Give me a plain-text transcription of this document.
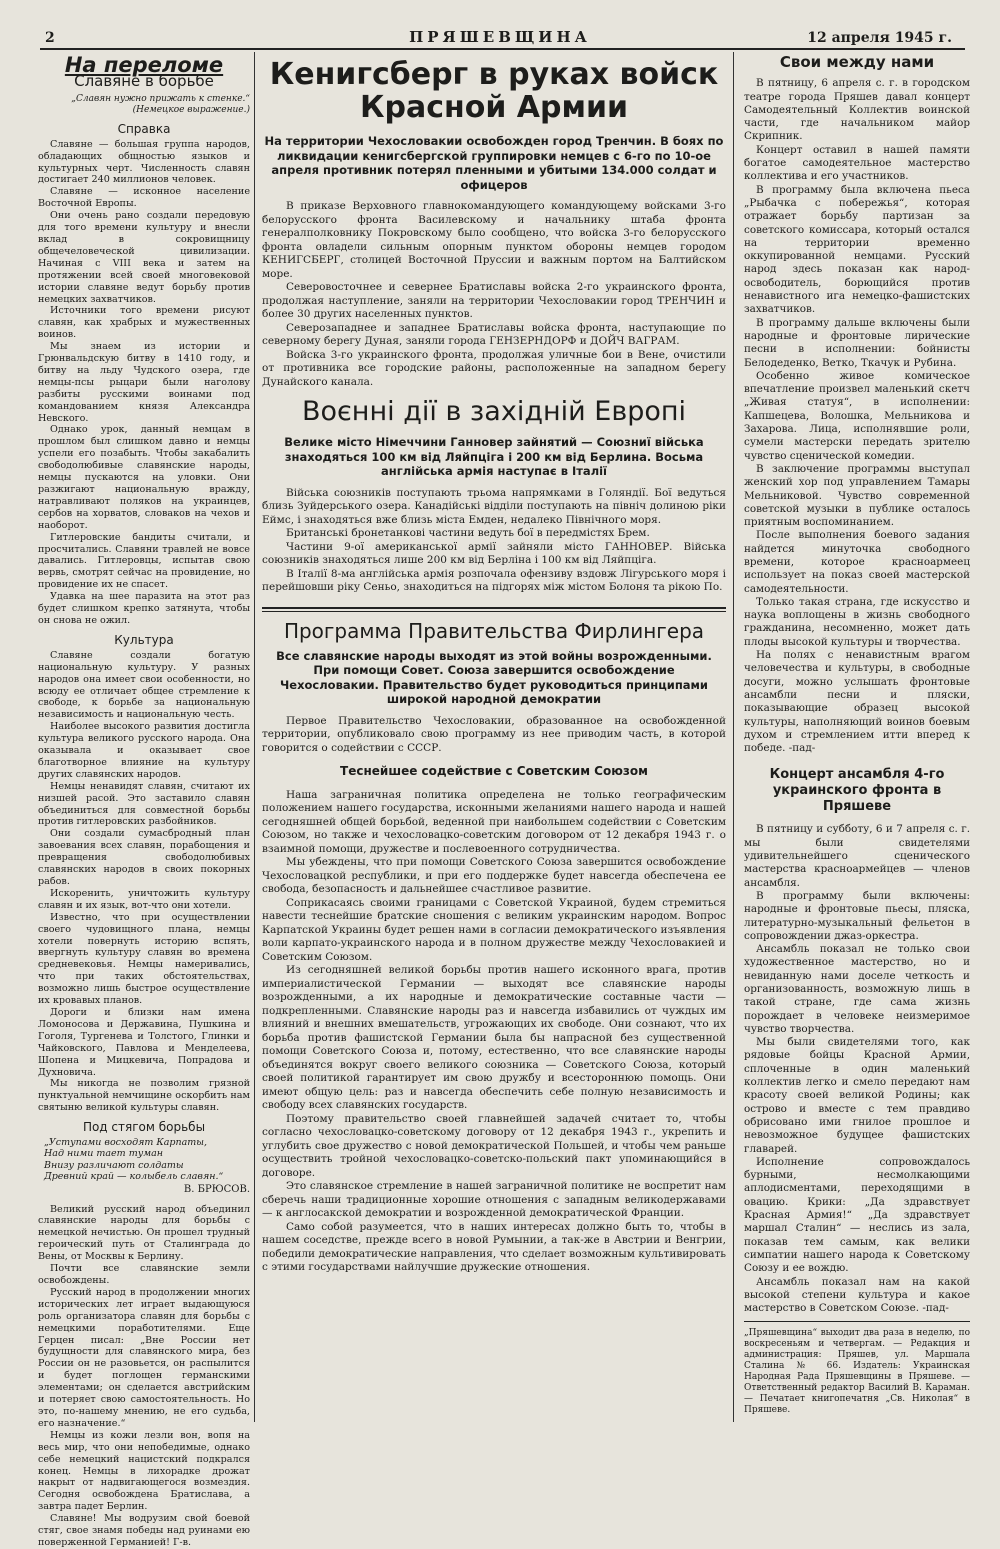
2	ПРЯШЕВЩИНА	12 апреля 1945 г.
На переломе
Славяне в борьбе
„Славян нужно прижать к стенке.“
(Немецкое выражение.)
Справка

Славяне — большая группа народов, обладающих общностью языков и культурных черт. Численность славян достигает 240 миллионов человек.

Славяне — исконное население Восточной Европы.

Они очень рано создали передовую для того времени культуру и внесли вклад в сокровищницу общечеловеческой цивилизации. Начиная с VIII века и затем на протяжении всей своей многовековой истории славяне ведут борьбу против немецких захватчиков.

Источники того времени рисуют славян, как храбрых и мужественных воинов.

Мы знаем из истории и Грюнвальдскую битву в 1410 году, и битву на льду Чудского озера, где немцы-псы рыцари были наголову разбиты русскими воинами под командованием князя Александра Невского.

Однако урок, данный немцам в прошлом был слишком давно и немцы успели его позабыть. Чтобы закабалить свободолюбивые славянские народы, немцы пускаются на уловки. Они разжигают национальную вражду, натравливают поляков на украинцев, сербов на хорватов, словаков на чехов и наоборот.

Гитлеровские бандиты считали, и просчитались. Славяни травлей не вовсе давались. Гитлеровцы, испытав свою вервь, смотрят сейчас на провидение, но провидение их не спасет.

Удавка на шее паразита на этот раз будет слишком крепко затянута, чтобы он снова не ожил.

Культура

Славяне создали богатую национальную культуру. У разных народов она имеет свои особенности, но всюду ее отличает общее стремление к свободе, к борьбе за национальную независимость и национальную честь.

Наиболее высокого развития достигла культура великого русского народа. Она оказывала и оказывает свое благотворное влияние на культуру других славянских народов.

Немцы ненавидят славян, считают их низшей расой. Это заставило славян объединиться для совместной борьбы против гитлеровских разбойников.

Они создали сумасбродный план завоевания всех славян, порабощения и превращения свободолюбивых славянских народов в своих покорных рабов.

Искоренить, уничтожить культуру славян и их язык, вот-что они хотели.

Известно, что при осуществлении своего чудовищного плана, немцы хотели повернуть историю вспять, ввергнуть культуру славян во времена средневековья. Немцы намеривались, что при таких обстоятельствах, возможно лишь быстрое осуществление их кровавых планов.

Дороги и близки нам имена Ломоносова и Державина, Пушкина и Гоголя, Тургенева и Толстого, Глинки и Чайковского, Павлова и Менделеева, Шопена и Мицкевича, Попрадова и Духновича.

Мы никогда не позволим грязной пунктуальной немчищине оскорбить нам святыню великой культуры славян.

Под стягом борьбы
„Уступами восходят Карпаты,
Над ними тает туман
Внизу различают солдаты
Древний край — колыбель славян.“
В. БРЮСОВ.

Великий русский народ объединил славянские народы для борьбы с немецкой нечистью. Он прошел трудный героический путь от Сталинграда до Вены, от Москвы к Берлину.

Почти все славянские земли освобождены.

Русский народ в продолжении многих исторических лет играет выдающуюся роль организатора славян для борьбы с немецкими поработителями. Еще Герцен писал: „Вне России нет будущности для славянского мира, без России он не разовьется, он распылится и будет поглощен германскими элементами; он сделается австрийским и потеряет свою самостоятельность. Но это, по-нашему мнению, не его судьба, его назначение.“

Немцы из кожи лезли вон, вопя на весь мир, что они непобедимые, однако себе немецкий нацистский подкрался конец. Немцы в лихорадке дрожат накрыт от надвигающегося возмездия. Сегодня освобождена Братислава, а завтра падет Берлин.

Славяне! Мы водрузим свой боевой стяг, свое знамя победы над руинами ею поверженной Германией! Г-в.

Кенигсберг в руках войск Красной Армии
На территории Чехословакии освобожден город Тренчин. В боях по ликвидации кенигсбергской группировки немцев с 6-го по 10-ое апреля противник потерял пленными и убитыми 134.000 солдат и офицеров

В приказе Верховного главнокомандующего командующему войсками 3-го белорусского фронта Василевскому и начальнику штаба фронта генералполковнику Покровскому было сообщено, что войска 3-го белорусского фронта овладели сильным опорным пунктом обороны немцев городом КЕНИГСБЕРГ, столицей Восточной Пруссии и важным портом на Балтийском море.

Северовосточнее и севернее Братиславы войска 2-го украинского фронта, продолжая наступление, заняли на территории Чехословакии город ТРЕНЧИН и более 30 других населенных пунктов.

Северозападнее и западнее Братиславы войска фронта, наступающие по северному берегу Дуная, заняли города ГЕНЗЕРНДОРФ и ДОЙЧ ВАГРАМ.

Войска 3-го украинского фронта, продолжая уличные бои в Вене, очистили от противника все городские районы, расположенные на западном берегу Дунайского канала.

Воєнні дії в західній Европі
Велике місто Німеччини Ганновер зайнятий — Союзниї війська знаходяться 100 км від Ляйпціга і 200 км від Берлина. Восьма англійська армія наступає в Італії

Війська союзників поступають трьома напрямками в Голяндії. Бої ведуться близь Зуйдерського озера. Канадійські відділи поступають на північ долиною ріки Еймс, і знаходяться вже близь міста Емден, недалеко Північного моря.

Британські бронетанкові частини ведуть бої в передмістях Брем.

Частини 9-ої американської армії зайняли місто ГАННОВЕР. Війська союзників знаходяться лише 200 км від Берліна і 100 км від Ляйпціга.

В Італії 8-ма англійська армія розпочала офензиву вздовж Лігурського моря і перейшовши ріку Сеньо, знаходиться на підгорях між містом Болоня та рікою По.

Программа Правительства Фирлингера
Все славянские народы выходят из этой войны возрожденными. При помощи Совет. Союза завершится освобождение Чехословакии. Правительство будет руководиться принципами широкой народной демократии

Первое Правительство Чехословакии, образованное на освобожденной территории, опубликовало свою программу из нее приводим часть, в которой говорится о содействии с СССР.

Теснейшее содействие с Советским Союзом

Наша заграничная политика определена не только географическим положением нашего государства, исконными желаниями нашего народа и нашей сегодняшней общей борьбой, веденной при наибольшем содействии с Советским Союзом, но также и чехословацко-советским договором от 12 декабря 1943 г. о взаимной помощи, дружестве и послевоенного сотрудничества.

Мы убеждены, что при помощи Советского Союза завершится освобождение Чехословацкой республики, и при его поддержке будет навсегда обеспечена ее свобода, безопасность и дальнейшее счастливое развитие.

Соприкасаясь своими границами с Советской Украиной, будем стремиться навести теснейшие братские сношения с великим украинским народом. Вопрос Карпатской Украины будет решен нами в согласии демократического изъявления воли карпато-украинского народа и в полном дружестве между Чехословакией и Советским Союзом.

Из сегодняшней великой борьбы против нашего исконного врага, против империалистической Германии — выходят все славянские народы возрожденными, а их народные и демократические составные части — подкрепленными. Славянские народы раз и навсегда избавились от чуждых им влияний и внешних вмешательств, угрожающих их свободе. Они сознают, что их борьба против фашистской Германии была бы напрасной без существенной помощи Советского Союза и, потому, естественно, что все славянские народы объединятся вокруг своего великого союзника — Советского Союза, который своей политикой гарантирует им свою дружбу и всестороннюю помощь. Они имеют общую цель: раз и навсегда обеспечить себе полную независимость и свободу всех славянских государств.

Поэтому правительство своей главнейшей задачей считает то, чтобы согласно чехословацко-советскому договору от 12 декабря 1943 г., укрепить и углубить свое дружество с новой демократической Польшей, и чтобы чем раньше осуществить тройной чехословацко-советско-польский пакт упоминающийся в договоре.

Это славянское стремление в нашей заграничной политике не воспретит нам сберечь наши традиционные хорошие отношения с западным великодержавами — к англосакской демократии и возрожденной демократической Франции.

Само собой разумеется, что в наших интересах должно быть то, чтобы в нашем соседстве, прежде всего в новой Румынии, а так-же в Австрии и Венгрии, победили демократические направления, что сделает возможным культивировать с этими государствами найлучшие дружеские отношения.

Свои между нами

В пятницу, 6 апреля с. г. в городском театре города Пряшев давал концерт Самодеятельный Коллектив воинской части, где начальником майор Скрипник.

Концерт оставил в нашей памяти богатое самодеятельное мастерство коллектива и его участников.

В программу была включена пьеса „Рыбачка с побережья“, которая отражает борьбу партизан за советского комиссара, который остался на территории временно оккупированной немцами. Русский народ здесь показан как народ-освободитель, борющийся против ненавистного ига немецко-фашистских захватчиков.

В программу дальше включены были народные и фронтовые лирические песни в исполнении: бойнисты Белодеденко, Ветко, Ткачук и Рубина.

Особенно живое комическое впечатление произвел маленький скетч „Живая статуя“, в исполнении: Капшецева, Волошка, Мельникова и Захарова. Лица, исполнявшие роли, сумели мастерски передать зрителю чувство сценической комедии.

В заключение программы выступал женский хор под управлением Тамары Мельниковой. Чувство современной советской музыки в публике осталось приятным воспоминанием.

После выполнения боевого задания найдется минуточка свободного времени, которое красноармеец использует на показ своей мастерской самодеятельности.

Только такая страна, где искусство и наука воплощены в жизнь свободного гражданина, несомненно, может дать плоды высокой культуры и творчества.

На полях с ненавистным врагом человечества и культуры, в свободные досуги, можно услышать фронтовые ансамбли песни и пляски, показывающие образец высокой культуры, наполняющий воинов боевым духом и стремлением итти вперед к победе. -пад-

Концерт ансамбля 4-го украинского фронта в Пряшеве

В пятницу и субботу, 6 и 7 апреля с. г. мы были свидетелями удивительнейшего сценического мастерства красноармейцев — членов ансамбля.

В программу были включены: народные и фронтовые пьесы, пляска, литературно-музыкальный фельетон в сопровождении джаз-оркестра.

Ансамбль показал не только свои художественное мастерство, но и невиданную нами доселе четкость и организованность, возможную лишь в такой стране, где сама жизнь порождает в человеке неизмеримое чувство творчества.

Мы были свидетелями того, как рядовые бойцы Красной Армии, сплоченные в один маленький коллектив легко и смело передают нам красоту своей великой Родины; как острово и вместе с тем правдиво обрисовано ими гнилое прошлое и невозможное будущее фашистских главарей.

Исполнение сопровождалось бурными, несмолкающими аплодисментами, переходящими в овацию. Крики: „Да здравствует Красная Армия!“ „Да здравствует маршал Сталин“ — неслись из зала, показав тем самым, как велики симпатии нашего народа к Советскому Союзу и ее вождю.

Ансамбль показал нам на какой высокой степени культура и какое мастерство в Советском Союзе. -пад-

„Пряшевщина“ выходит два раза в неделю, по воскресеньям и четвергам. — Редакция и администрация: Пряшев, ул. Маршала Сталина № 66. Издатель: Украинская Народная Рада Пряшевщины в Пряшеве. — Ответственный редактор Василий В. Караман. — Печатает книгопечатня „Св. Николая“ в Пряшеве.
